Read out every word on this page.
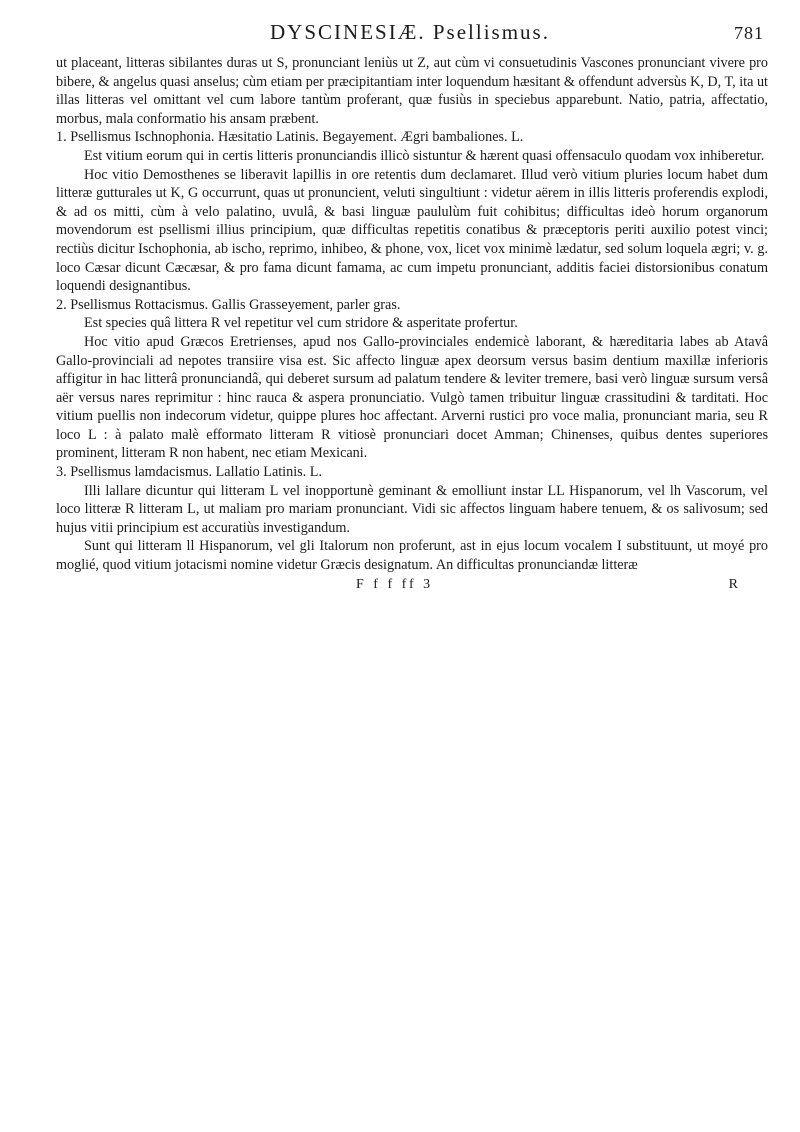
DYSCINESIÆ. Psellismus.	781

ut placeant, litteras sibilantes duras ut S, pronunciant leniùs ut Z, aut cùm vi consuetudinis Vascones pronunciant vivere pro bibere, & angelus quasi anselus; cùm etiam per præcipitantiam inter loquendum hæsitant & offendunt adversùs K, D, T, ita ut illas litteras vel omittant vel cum labore tantùm proferant, quæ fusiùs in speciebus apparebunt. Natio, patria, affectatio, morbus, mala conformatio his ansam præbent.

1. Psellismus Ischnophonia. Hæsitatio Latinis. Begayement. Ægri bambaliones. L.

Est vitium eorum qui in certis litteris pronunciandis illicò sistuntur & hærent quasi offensaculo quodam vox inhiberetur.

Hoc vitio Demosthenes se liberavit lapillis in ore retentis dum declamaret. Illud verò vitium pluries locum habet dum litteræ gutturales ut K, G occurrunt, quas ut pronuncient, veluti singultiunt : videtur aërem in illis litteris proferendis explodi, & ad os mitti, cùm à velo palatino, uvulâ, & basi linguæ paululùm fuit cohibitus; difficultas ideò horum organorum movendorum est psellismi illius principium, quæ difficultas repetitis conatibus & præceptoris periti auxilio potest vinci; rectiùs dicitur Ischophonia, ab ischo, reprimo, inhibeo, & phone, vox, licet vox minimè lædatur, sed solum loquela ægri; v. g. loco Cæsar dicunt Cæcæsar, & pro fama dicunt famama, ac cum impetu pronunciant, additis faciei distorsionibus conatum loquendi designantibus.

2. Psellismus Rottacismus. Gallis Grasseyement, parler gras.

Est species quâ littera R vel repetitur vel cum stridore & asperitate profertur.

Hoc vitio apud Græcos Eretrienses, apud nos Gallo-provinciales endemicè laborant, & hæreditaria labes ab Atavâ Gallo-provinciali ad nepotes transiire visa est. Sic affecto linguæ apex deorsum versus basim dentium maxillæ inferioris affigitur in hac litterâ pronunciandâ, qui deberet sursum ad palatum tendere & leviter tremere, basi verò linguæ sursum versâ aër versus nares reprimitur : hinc rauca & aspera pronunciatio. Vulgò tamen tribuitur linguæ crassitudini & tarditati. Hoc vitium puellis non indecorum videtur, quippe plures hoc affectant. Arverni rustici pro voce malia, pronunciant maria, seu R loco L : à palato malè efformato litteram R vitiosè pronunciari docet Amman; Chinenses, quibus dentes superiores prominent, litteram R non habent, nec etiam Mexicani.

3. Psellismus lamdacismus. Lallatio Latinis. L.

Illi lallare dicuntur qui litteram L vel inopportunè geminant & emolliunt instar LL Hispanorum, vel lh Vascorum, vel loco litteræ R litteram L, ut maliam pro mariam pronunciant. Vidi sic affectos linguam habere tenuem, & os salivosum; sed hujus vitii principium est accuratiùs investigandum.

Sunt qui litteram ll Hispanorum, vel gli Italorum non proferunt, ast in ejus locum vocalem I substituunt, ut moyé pro moglié, quod vitium jotacismi nomine videtur Græcis designatum. An difficultas pronunciandæ litteræ

F f f ff 3	R
